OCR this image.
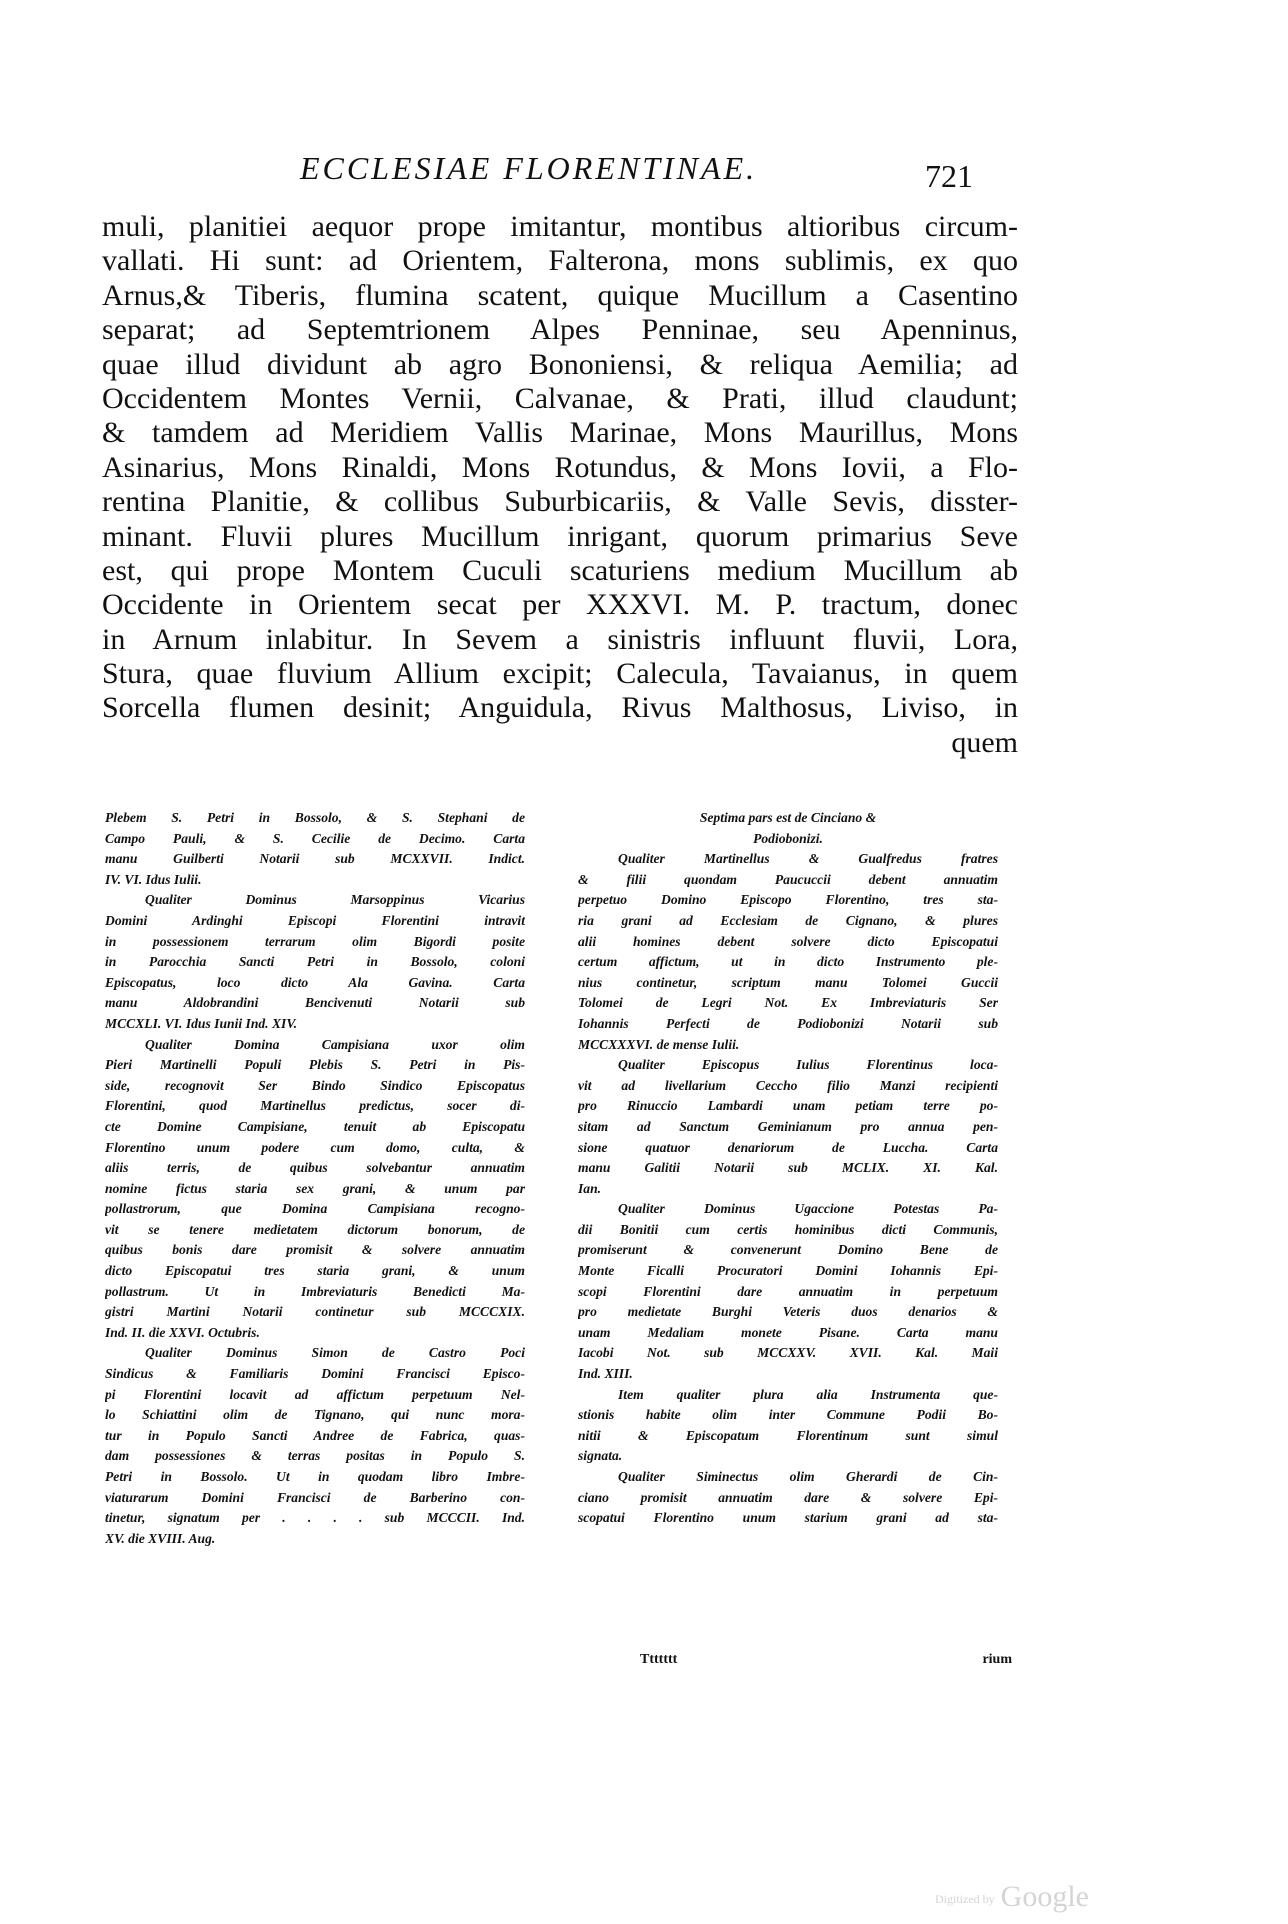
ECCLESIAE FLORENTINAE.	721
muli, planitiei aequor prope imitantur, montibus altioribus circum-
vallati. Hi sunt: ad Orientem, Falterona, mons sublimis, ex quo
Arnus,& Tiberis, flumina scatent, quique Mucillum a Casentino
separat; ad Septemtrionem Alpes Penninae, seu Apenninus,
quae illud dividunt ab agro Bononiensi, & reliqua Aemilia; ad
Occidentem Montes Vernii, Calvanae, & Prati, illud claudunt;
& tamdem ad Meridiem Vallis Marinae, Mons Maurillus, Mons
Asinarius, Mons Rinaldi, Mons Rotundus, & Mons Iovii, a Flo-
rentina Planitie, & collibus Suburbicariis, & Valle Sevis, disster-
minant. Fluvii plures Mucillum inrigant, quorum primarius Seve
est, qui prope Montem Cuculi scaturiens medium Mucillum ab
Occidente in Orientem secat per XXXVI. M. P. tractum, donec
in Arnum inlabitur. In Sevem a sinistris influunt fluvii, Lora,
Stura, quae fluvium Allium excipit; Calecula, Tavaianus, in quem
Sorcella flumen desinit; Anguidula, Rivus Malthosus, Liviso, in
quem
Plebem S. Petri in Bossolo, & S. Stephani de
Campo Pauli, & S. Cecilie de Decimo. Carta
manu Guilberti Notarii sub MCXXVII. Indict.
IV. VI. Idus Iulii.
Qualiter Dominus Marsoppinus Vicarius
Domini Ardinghi Episcopi Florentini intravit
in possessionem terrarum olim Bigordi posite
in Parocchia Sancti Petri in Bossolo, coloni
Episcopatus, loco dicto Ala Gavina. Carta
manu Aldobrandini Bencivenuti Notarii sub
MCCXLI. VI. Idus Iunii Ind. XIV.
Qualiter Domina Campisiana uxor olim
Pieri Martinelli Populi Plebis S. Petri in Pis-
side, recognovit Ser Bindo Sindico Episcopatus
Florentini, quod Martinellus predictus, socer di-
cte Domine Campisiane, tenuit ab Episcopatu
Florentino unum podere cum domo, culta, &
aliis terris, de quibus solvebantur annuatim
nomine fictus staria sex grani, & unum par
pollastrorum, que Domina Campisiana recogno-
vit se tenere medietatem dictorum bonorum, de
quibus bonis dare promisit & solvere annuatim
dicto Episcopatui tres staria grani, & unum
pollastrum. Ut in Imbreviaturis Benedicti Ma-
gistri Martini Notarii continetur sub MCCCXIX.
Ind. II. die XXVI. Octubris.
Qualiter Dominus Simon de Castro Poci
Sindicus & Familiaris Domini Francisci Episco-
pi Florentini locavit ad affictum perpetuum Nel-
lo Schiattini olim de Tignano, qui nunc mora-
tur in Populo Sancti Andree de Fabrica, quas-
dam possessiones & terras positas in Populo S.
Petri in Bossolo. Ut in quodam libro Imbre-
viaturarum Domini Francisci de Barberino con-
tinetur, signatum per . . . . sub MCCCII. Ind.
XV. die XVIII. Aug.
Septima pars est de Cinciano &
Podiobonizi.
Qualiter Martinellus & Gualfredus fratres
& filii quondam Paucuccii debent annuatim
perpetuo Domino Episcopo Florentino, tres sta-
ria grani ad Ecclesiam de Cignano, & plures
alii homines debent solvere dicto Episcopatui
certum affictum, ut in dicto Instrumento ple-
nius continetur, scriptum manu Tolomei Guccii
Tolomei de Legri Not. Ex Imbreviaturis Ser
Iohannis Perfecti de Podiobonizi Notarii sub
MCCXXXVI. de mense Iulii.
Qualiter Episcopus Iulius Florentinus loca-
vit ad livellarium Ceccho filio Manzi recipienti
pro Rinuccio Lambardi unam petiam terre po-
sitam ad Sanctum Geminianum pro annua pen-
sione quatuor denariorum de Luccha. Carta
manu Galitii Notarii sub MCLIX. XI. Kal.
Ian.
Qualiter Dominus Ugaccione Potestas Pa-
dii Bonitii cum certis hominibus dicti Communis,
promiserunt & convenerunt Domino Bene de
Monte Ficalli Procuratori Domini Iohannis Epi-
scopi Florentini dare annuatim in perpetuum
pro medietate Burghi Veteris duos denarios &
unam Medaliam monete Pisane. Carta manu
Iacobi Not. sub MCCXXV. XVII. Kal. Maii
Ind. XIII.
Item qualiter plura alia Instrumenta que-
stionis habite olim inter Commune Podii Bo-
nitii & Episcopatum Florentinum sunt simul
signata.
Qualiter Siminectus olim Gherardi de Cin-
ciano promisit annuatim dare & solvere Epi-
scopatui Florentino unum starium grani ad sta-
Ttttttt	rium
Digitized by Google
